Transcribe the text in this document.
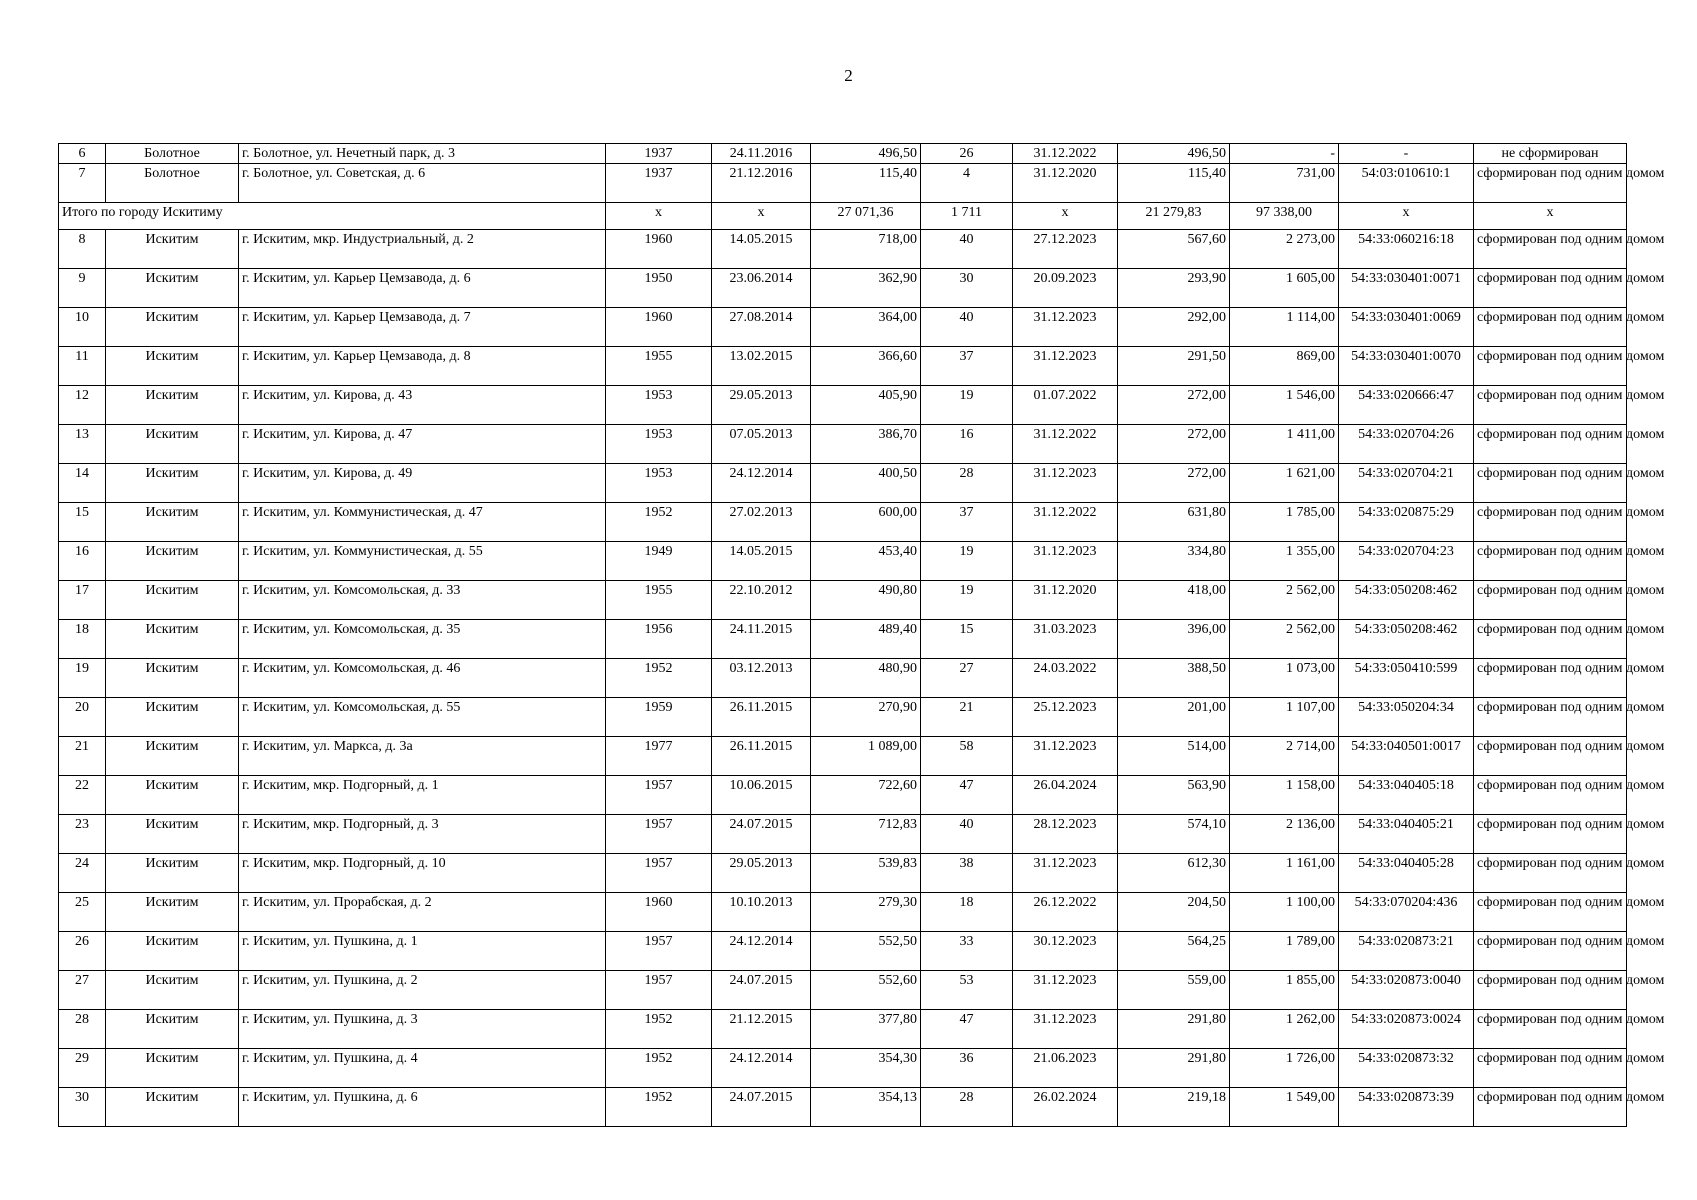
2
6	Болотное	г. Болотное, ул. Нечетный парк, д. 3	1937	24.11.2016	496,50	26	31.12.2022	496,50	-	-	не сформирован
7	Болотное	г. Болотное, ул. Советская, д. 6	1937	21.12.2016	115,40	4	31.12.2020	115,40	731,00	54:03:010610:1	сформирован под одним домом
Итого по городу Искитиму			х	х	27 071,36	1 711	х	21 279,83	97 338,00	х	х
8	Искитим	г. Искитим, мкр. Индустриальный, д. 2	1960	14.05.2015	718,00	40	27.12.2023	567,60	2 273,00	54:33:060216:18	сформирован под одним домом
9	Искитим	г. Искитим, ул. Карьер Цемзавода, д. 6	1950	23.06.2014	362,90	30	20.09.2023	293,90	1 605,00	54:33:030401:0071	сформирован под одним домом
10	Искитим	г. Искитим, ул. Карьер Цемзавода, д. 7	1960	27.08.2014	364,00	40	31.12.2023	292,00	1 114,00	54:33:030401:0069	сформирован под одним домом
11	Искитим	г. Искитим, ул. Карьер Цемзавода, д. 8	1955	13.02.2015	366,60	37	31.12.2023	291,50	869,00	54:33:030401:0070	сформирован под одним домом
12	Искитим	г. Искитим, ул. Кирова, д. 43	1953	29.05.2013	405,90	19	01.07.2022	272,00	1 546,00	54:33:020666:47	сформирован под одним домом
13	Искитим	г. Искитим, ул. Кирова, д. 47	1953	07.05.2013	386,70	16	31.12.2022	272,00	1 411,00	54:33:020704:26	сформирован под одним домом
14	Искитим	г. Искитим, ул. Кирова, д. 49	1953	24.12.2014	400,50	28	31.12.2023	272,00	1 621,00	54:33:020704:21	сформирован под одним домом
15	Искитим	г. Искитим, ул. Коммунистическая, д. 47	1952	27.02.2013	600,00	37	31.12.2022	631,80	1 785,00	54:33:020875:29	сформирован под одним домом
16	Искитим	г. Искитим, ул. Коммунистическая, д. 55	1949	14.05.2015	453,40	19	31.12.2023	334,80	1 355,00	54:33:020704:23	сформирован под одним домом
17	Искитим	г. Искитим, ул. Комсомольская, д. 33	1955	22.10.2012	490,80	19	31.12.2020	418,00	2 562,00	54:33:050208:462	сформирован под одним домом
18	Искитим	г. Искитим, ул. Комсомольская, д. 35	1956	24.11.2015	489,40	15	31.03.2023	396,00	2 562,00	54:33:050208:462	сформирован под одним домом
19	Искитим	г. Искитим, ул. Комсомольская, д. 46	1952	03.12.2013	480,90	27	24.03.2022	388,50	1 073,00	54:33:050410:599	сформирован под одним домом
20	Искитим	г. Искитим, ул. Комсомольская, д. 55	1959	26.11.2015	270,90	21	25.12.2023	201,00	1 107,00	54:33:050204:34	сформирован под одним домом
21	Искитим	г. Искитим, ул. Маркса, д. 3а	1977	26.11.2015	1 089,00	58	31.12.2023	514,00	2 714,00	54:33:040501:0017	сформирован под одним домом
22	Искитим	г. Искитим, мкр. Подгорный, д. 1	1957	10.06.2015	722,60	47	26.04.2024	563,90	1 158,00	54:33:040405:18	сформирован под одним домом
23	Искитим	г. Искитим, мкр. Подгорный, д. 3	1957	24.07.2015	712,83	40	28.12.2023	574,10	2 136,00	54:33:040405:21	сформирован под одним домом
24	Искитим	г. Искитим, мкр. Подгорный, д. 10	1957	29.05.2013	539,83	38	31.12.2023	612,30	1 161,00	54:33:040405:28	сформирован под одним домом
25	Искитим	г. Искитим, ул. Прорабская, д. 2	1960	10.10.2013	279,30	18	26.12.2022	204,50	1 100,00	54:33:070204:436	сформирован под одним домом
26	Искитим	г. Искитим, ул. Пушкина, д. 1	1957	24.12.2014	552,50	33	30.12.2023	564,25	1 789,00	54:33:020873:21	сформирован под одним домом
27	Искитим	г. Искитим, ул. Пушкина, д. 2	1957	24.07.2015	552,60	53	31.12.2023	559,00	1 855,00	54:33:020873:0040	сформирован под одним домом
28	Искитим	г. Искитим, ул. Пушкина, д. 3	1952	21.12.2015	377,80	47	31.12.2023	291,80	1 262,00	54:33:020873:0024	сформирован под одним домом
29	Искитим	г. Искитим, ул. Пушкина, д. 4	1952	24.12.2014	354,30	36	21.06.2023	291,80	1 726,00	54:33:020873:32	сформирован под одним домом
30	Искитим	г. Искитим, ул. Пушкина, д. 6	1952	24.07.2015	354,13	28	26.02.2024	219,18	1 549,00	54:33:020873:39	сформирован под одним домом
